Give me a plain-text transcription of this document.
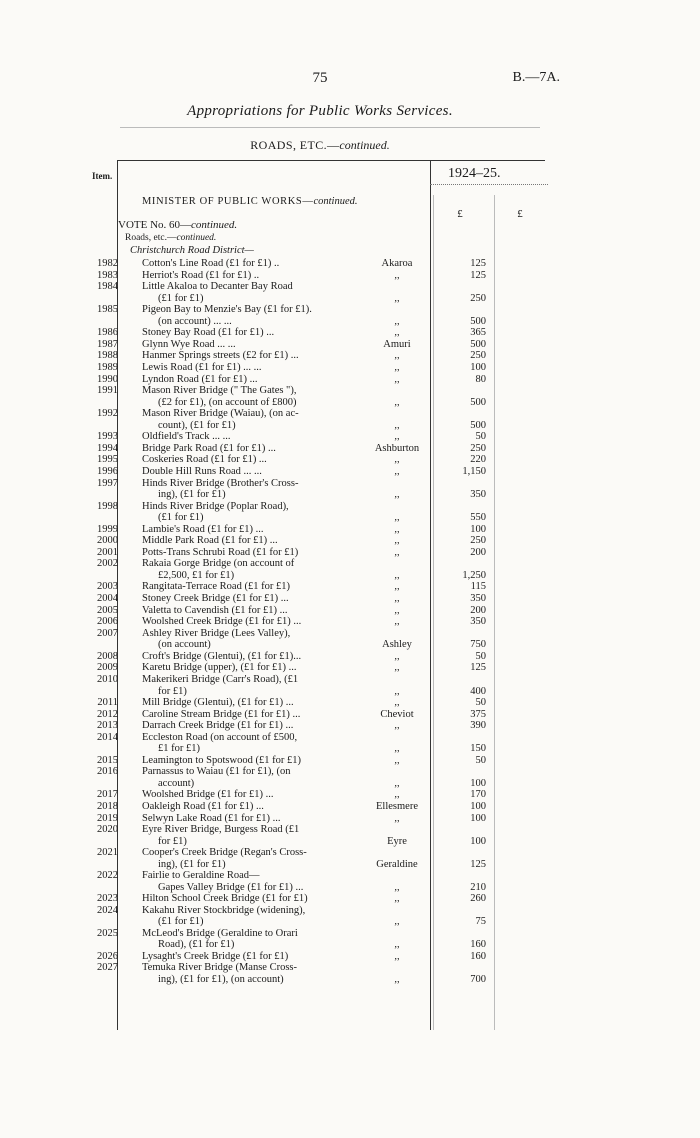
75	B.—7A.
Appropriations for Public Works Services.
ROADS, ETC.—continued.
Item.	1924–25.
MINISTER OF PUBLIC WORKS—continued.
£	£
VOTE No. 60—continued.
Roads, etc.—continued.
Christchurch Road District—
1982 Cotton's Line Road (£1 for £1) ..	Akaroa	125
1983 Herriot's Road (£1 for £1) ..	,,	125
1984 Little Akaloa to Decanter Bay Road
(£1 for £1)	,,	250
1985 Pigeon Bay to Menzie's Bay (£1 for £1).
(on account) ... ...	,,	500
1986 Stoney Bay Road (£1 for £1) ...	,,	365
1987 Glynn Wye Road ... ...	Amuri	500
1988 Hanmer Springs streets (£2 for £1) ...	,,	250
1989 Lewis Road (£1 for £1) ... ...	,,	100
1990 Lyndon Road (£1 for £1) ...	,,	80
1991 Mason River Bridge (" The Gates "),
(£2 for £1), (on account of £800)	,,	500
1992 Mason River Bridge (Waiau), (on ac-
count), (£1 for £1)	,,	500
1993 Oldfield's Track ... ...	,,	50
1994 Bridge Park Road (£1 for £1) ...	Ashburton	250
1995 Coskeries Road (£1 for £1) ...	,,	220
1996 Double Hill Runs Road ... ...	,,	1,150
1997 Hinds River Bridge (Brother's Cross-
ing), (£1 for £1)	,,	350
1998 Hinds River Bridge (Poplar Road),
(£1 for £1)	,,	550
1999 Lambie's Road (£1 for £1) ...	,,	100
2000 Middle Park Road (£1 for £1) ...	,,	250
2001 Potts-Trans Schrubi Road (£1 for £1)	,,	200
2002 Rakaia Gorge Bridge (on account of
£2,500, £1 for £1)	,,	1,250
2003 Rangitata-Terrace Road (£1 for £1)	,,	115
2004 Stoney Creek Bridge (£1 for £1) ...	,,	350
2005 Valetta to Cavendish (£1 for £1) ...	,,	200
2006 Woolshed Creek Bridge (£1 for £1) ...	,,	350
2007 Ashley River Bridge (Lees Valley),
(on account)	Ashley	750
2008 Croft's Bridge (Glentui), (£1 for £1)...	,,	50
2009 Karetu Bridge (upper), (£1 for £1) ...	,,	125
2010 Makerikeri Bridge (Carr's Road), (£1
for £1)	,,	400
2011 Mill Bridge (Glentui), (£1 for £1) ...	,,	50
2012 Caroline Stream Bridge (£1 for £1) ...	Cheviot	375
2013 Darrach Creek Bridge (£1 for £1) ...	,,	390
2014 Eccleston Road (on account of £500,
£1 for £1)	,,	150
2015 Leamington to Spotswood (£1 for £1)	,,	50
2016 Parnassus to Waiau (£1 for £1), (on
account)	,,	100
2017 Woolshed Bridge (£1 for £1) ...	,,	170
2018 Oakleigh Road (£1 for £1) ...	Ellesmere	100
2019 Selwyn Lake Road (£1 for £1) ...	,,	100
2020 Eyre River Bridge, Burgess Road (£1
for £1)	Eyre	100
2021 Cooper's Creek Bridge (Regan's Cross-
ing), (£1 for £1)	Geraldine	125
2022 Fairlie to Geraldine Road—
Gapes Valley Bridge (£1 for £1) ...	,,	210
2023 Hilton School Creek Bridge (£1 for £1)	,,	260
2024 Kakahu River Stockbridge (widening),
(£1 for £1)	,,	75
2025 McLeod's Bridge (Geraldine to Orari
Road), (£1 for £1)	,,	160
2026 Lysaght's Creek Bridge (£1 for £1)	,,	160
2027 Temuka River Bridge (Manse Cross-
ing), (£1 for £1), (on account)	,,	700
